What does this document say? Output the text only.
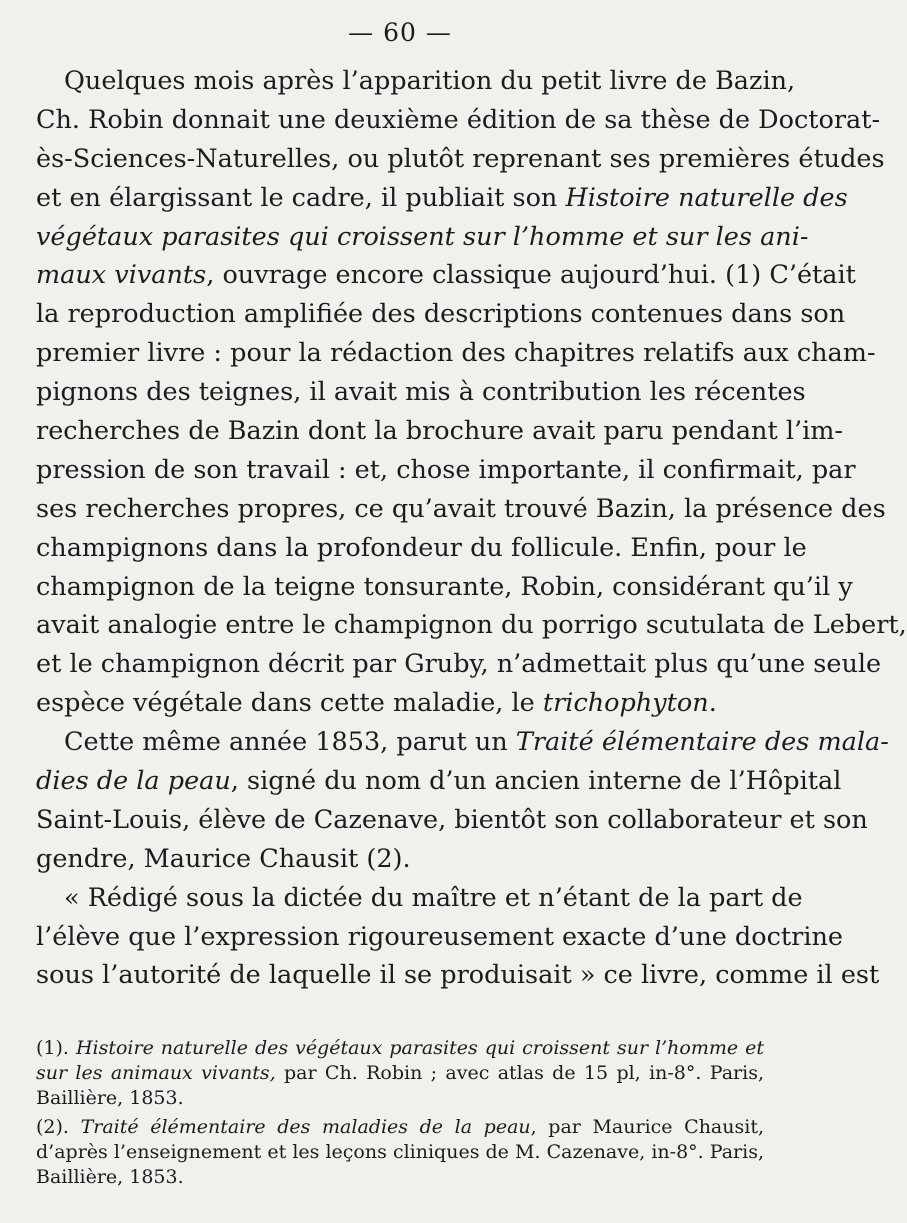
— 60 —
Quelques mois après l’apparition du petit livre de Bazin,
Ch. Robin donnait une deuxième édition de sa thèse de Doctorat-
ès-Sciences-Naturelles, ou plutôt reprenant ses premières études
et en élargissant le cadre, il publiait son Histoire naturelle des
végétaux parasites qui croissent sur l’homme et sur les ani-
maux vivants, ouvrage encore classique aujourd’hui. (1) C’était
la reproduction amplifiée des descriptions contenues dans son
premier livre : pour la rédaction des chapitres relatifs aux cham-
pignons des teignes, il avait mis à contribution les récentes
recherches de Bazin dont la brochure avait paru pendant l’im-
pression de son travail : et, chose importante, il confirmait, par
ses recherches propres, ce qu’avait trouvé Bazin, la présence des
champignons dans la profondeur du follicule. Enfin, pour le
champignon de la teigne tonsurante, Robin, considérant qu’il y
avait analogie entre le champignon du porrigo scutulata de Lebert,
et le champignon décrit par Gruby, n’admettait plus qu’une seule
espèce végétale dans cette maladie, le trichophyton.
Cette même année 1853, parut un Traité élémentaire des mala-
dies de la peau, signé du nom d’un ancien interne de l’Hôpital
Saint-Louis, élève de Cazenave, bientôt son collaborateur et son
gendre, Maurice Chausit (2).
« Rédigé sous la dictée du maître et n’étant de la part de
l’élève que l’expression rigoureusement exacte d’une doctrine
sous l’autorité de laquelle il se produisait » ce livre, comme il est
(1). Histoire naturelle des végétaux parasites qui croissent sur l’homme et
sur les animaux vivants, par Ch. Robin ; avec atlas de 15 pl, in-8°. Paris,
Baillière, 1853.
(2). Traité élémentaire des maladies de la peau, par Maurice Chausit,
d’après l’enseignement et les leçons cliniques de M. Cazenave, in-8°. Paris,
Baillière, 1853.
